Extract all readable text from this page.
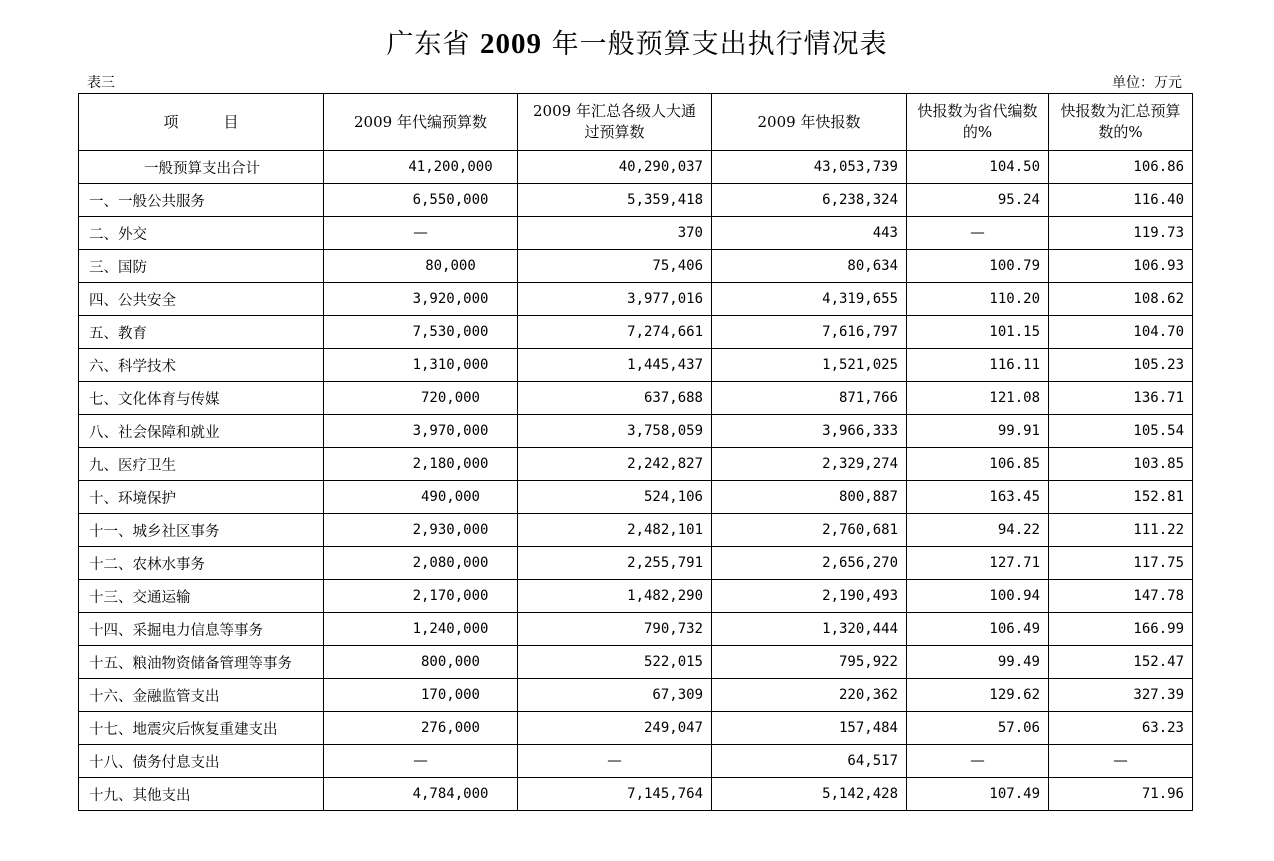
广东省 2009 年一般预算支出执行情况表
表三	单位：万元
项　　　目	2009 年代编预算数	2009 年汇总各级人大通过预算数	2009 年快报数	快报数为省代编数的%	快报数为汇总预算数的%
一般预算支出合计	41,200,000	40,290,037	43,053,739	104.50	106.86
一、一般公共服务	6,550,000	5,359,418	6,238,324	95.24	116.40
二、外交	—	370	443	—	119.73
三、国防	80,000	75,406	80,634	100.79	106.93
四、公共安全	3,920,000	3,977,016	4,319,655	110.20	108.62
五、教育	7,530,000	7,274,661	7,616,797	101.15	104.70
六、科学技术	1,310,000	1,445,437	1,521,025	116.11	105.23
七、文化体育与传媒	720,000	637,688	871,766	121.08	136.71
八、社会保障和就业	3,970,000	3,758,059	3,966,333	99.91	105.54
九、医疗卫生	2,180,000	2,242,827	2,329,274	106.85	103.85
十、环境保护	490,000	524,106	800,887	163.45	152.81
十一、城乡社区事务	2,930,000	2,482,101	2,760,681	94.22	111.22
十二、农林水事务	2,080,000	2,255,791	2,656,270	127.71	117.75
十三、交通运输	2,170,000	1,482,290	2,190,493	100.94	147.78
十四、采掘电力信息等事务	1,240,000	790,732	1,320,444	106.49	166.99
十五、粮油物资储备管理等事务	800,000	522,015	795,922	99.49	152.47
十六、金融监管支出	170,000	67,309	220,362	129.62	327.39
十七、地震灾后恢复重建支出	276,000	249,047	157,484	57.06	63.23
十八、债务付息支出	—	—	64,517	—	—
十九、其他支出	4,784,000	7,145,764	5,142,428	107.49	71.96
